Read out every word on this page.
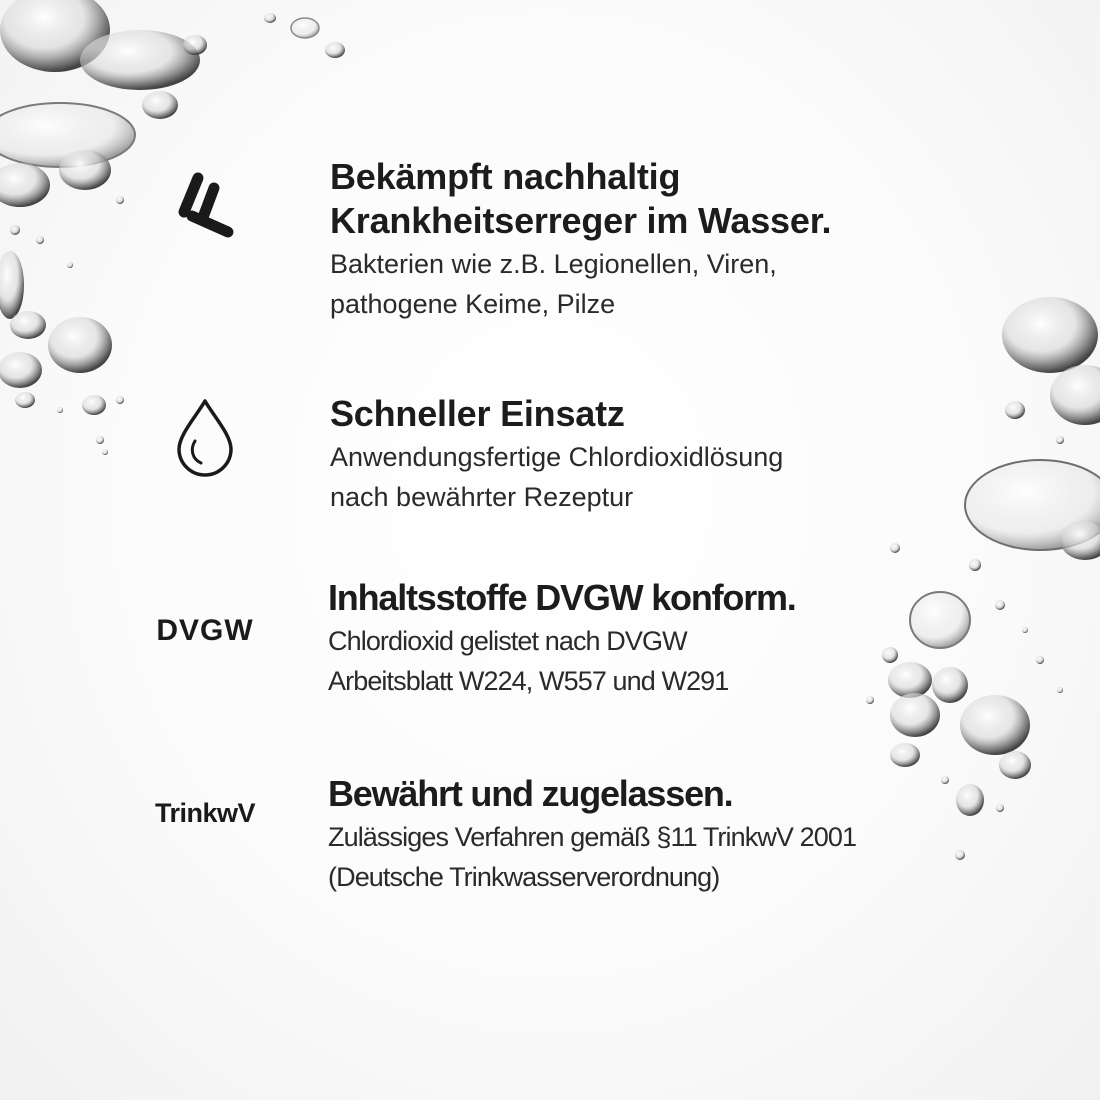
Bekämpft nachhaltig
Krankheitserreger im Wasser.
Bakterien wie z.B. Legionellen, Viren,
pathogene Keime, Pilze
Schneller Einsatz
Anwendungsfertige Chlordioxidlösung
nach bewährter Rezeptur
DVGW
Inhaltsstoffe DVGW konform.
Chlordioxid gelistet nach DVGW
Arbeitsblatt W224, W557 und W291
TrinkwV Bewährt und zugelassen.
Zulässiges Verfahren gemäß §11 TrinkwV 2001
(Deutsche Trinkwasserverordnung)
